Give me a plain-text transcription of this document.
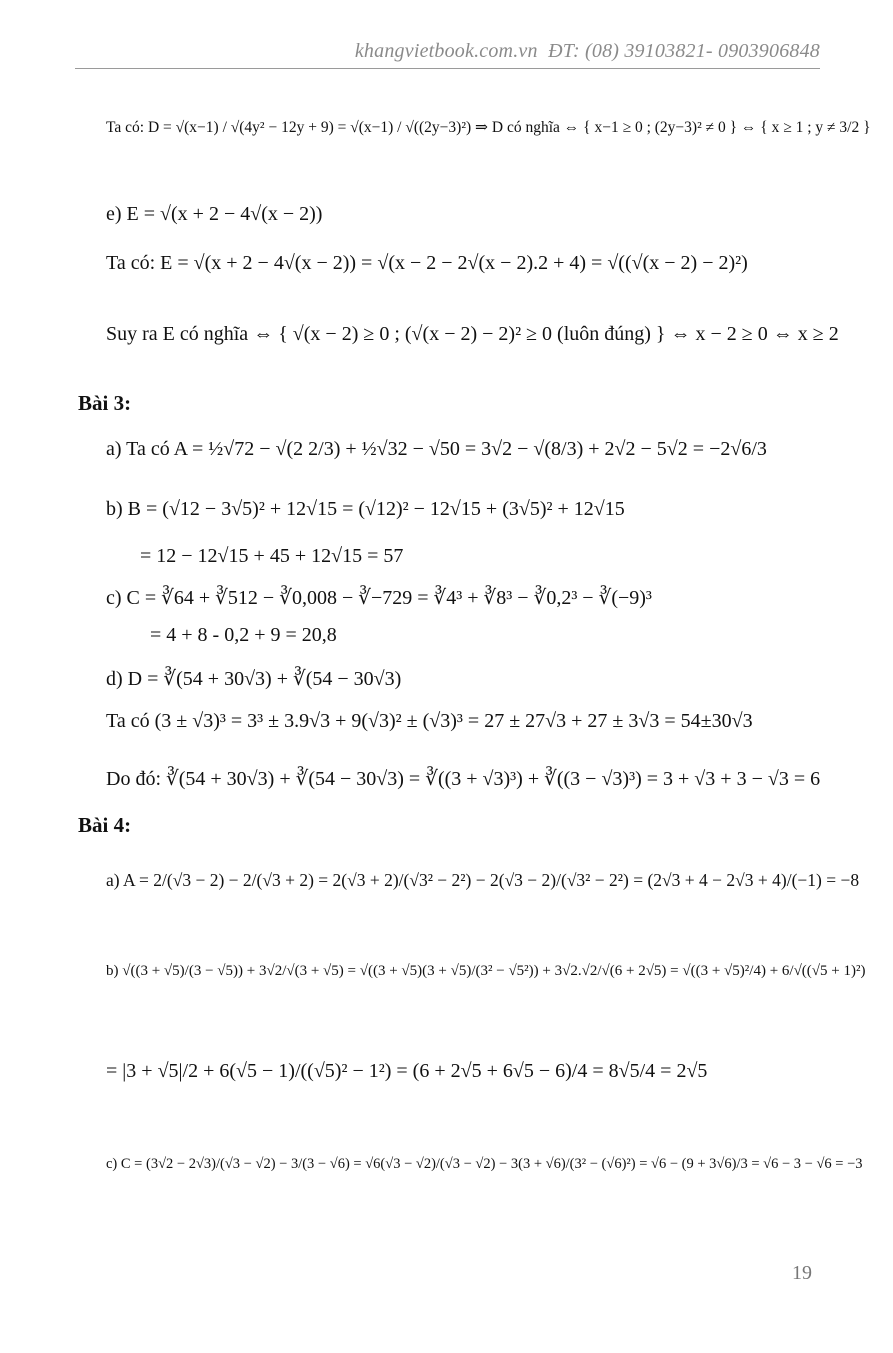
khangvietbook.com.vn ĐT: (08) 39103821- 0903906848
Ta có: D = √(x−1) / √(4y² − 12y + 9) = √(x−1) / √((2y−3)²) ⇒ D có nghĩa ⇔ { x−1 ≥ 0 ; (2y−3)² ≠ 0 } ⇔ { x ≥ 1 ; y ≠ 3/2 }
e) E = √(x + 2 − 4√(x − 2))
Ta có: E = √(x + 2 − 4√(x − 2)) = √(x − 2 − 2√(x − 2).2 + 4) = √((√(x − 2) − 2)²)
Suy ra E có nghĩa ⇔ { √(x − 2) ≥ 0 ; (√(x − 2) − 2)² ≥ 0 (luôn đúng) } ⇔ x − 2 ≥ 0 ⇔ x ≥ 2
Bài 3:
a) Ta có A = ½√72 − √(2 2/3) + ½√32 − √50 = 3√2 − √(8/3) + 2√2 − 5√2 = −2√6/3
b) B = (√12 − 3√5)² + 12√15 = (√12)² − 12√15 + (3√5)² + 12√15
= 12 − 12√15 + 45 + 12√15 = 57
c) C = ∛64 + ∛512 − ∛0,008 − ∛−729 = ∛4³ + ∛8³ − ∛0,2³ − ∛(−9)³
= 4 + 8 - 0,2 + 9 = 20,8
d) D = ∛(54 + 30√3) + ∛(54 − 30√3)
Ta có (3 ± √3)³ = 3³ ± 3.9√3 + 9(√3)² ± (√3)³ = 27 ± 27√3 + 27 ± 3√3 = 54±30√3
Do đó: ∛(54 + 30√3) + ∛(54 − 30√3) = ∛((3 + √3)³) + ∛((3 − √3)³) = 3 + √3 + 3 − √3 = 6
Bài 4:
a) A = 2/(√3 − 2) − 2/(√3 + 2) = 2(√3 + 2)/(√3² − 2²) − 2(√3 − 2)/(√3² − 2²) = (2√3 + 4 − 2√3 + 4)/(−1) = −8
b) √((3 + √5)/(3 − √5)) + 3√2/√(3 + √5) = √((3 + √5)(3 + √5)/(3² − √5²)) + 3√2.√2/√(6 + 2√5) = √((3 + √5)²/4) + 6/√((√5 + 1)²)
= |3 + √5|/2 + 6(√5 − 1)/((√5)² − 1²) = (6 + 2√5 + 6√5 − 6)/4 = 8√5/4 = 2√5
c) C = (3√2 − 2√3)/(√3 − √2) − 3/(3 − √6) = √6(√3 − √2)/(√3 − √2) − 3(3 + √6)/(3² − (√6)²) = √6 − (9 + 3√6)/3 = √6 − 3 − √6 = −3
19
